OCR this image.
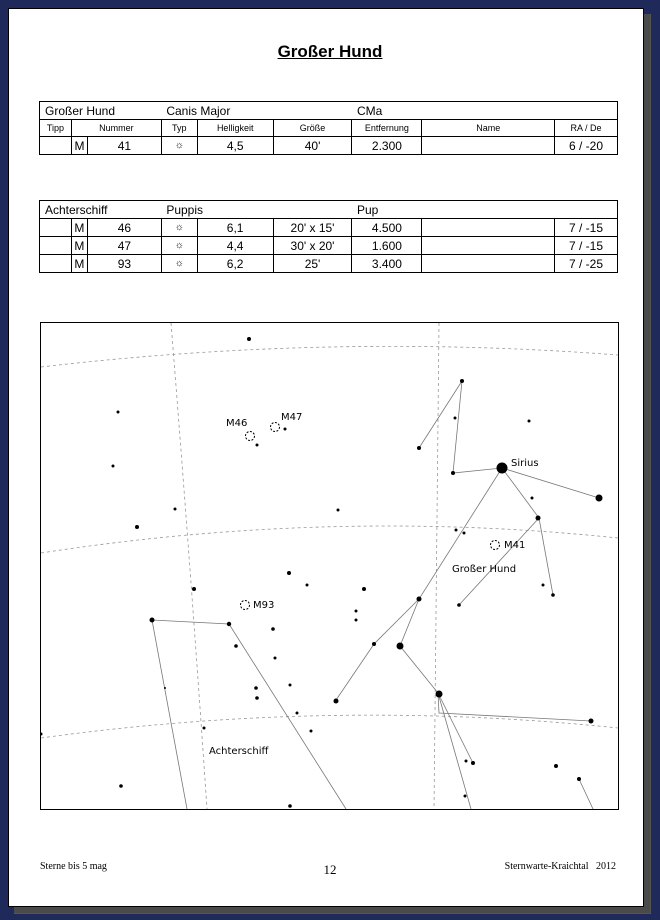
Großer Hund
Großer Hund			Canis Major			CMa		
Tipp	Nummer		Typ	Helligkeit	Größe	Entfernung	Name	RA / De
	M	41	☼	4,5	40'	2.300		6 / -20
Achterschiff			Puppis			Pup		
	M	46	☼	6,1	20' x 15'	4.500		7 / -15
	M	47	☼	4,4	30' x 20'	1.600		7 / -15
	M	93	☼	6,2	25'	3.400		7 / -25
M46
M47
M41
M93
Sirius
Großer Hund
Achterschiff
Sterne bis 5 mag	12	Sternwarte-Kraichtal   2012
